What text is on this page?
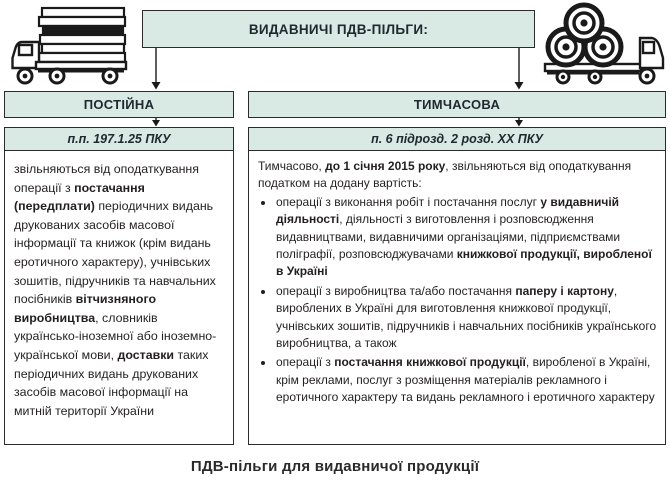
ВИДАВНИЧІ ПДВ-ПІЛЬГИ:
ПОСТІЙНА	ТИМЧАСОВА
п.п. 197.1.25 ПКУ
звільняються від оподаткування операції з постачання (передплати) періодичних видань друкованих засобів масової інформації та книжок (крім видань еротичного характеру), учнівських зошитів, підручників та навчальних посібників вітчизняного виробництва, словників українсько-іноземної або іноземно-української мови, доставки таких періодичних видань друкованих засобів масової інформації на митній території України
п. 6 підрозд. 2 розд. ХХ ПКУ
Тимчасово, до 1 січня 2015 року, звільняються від оподаткування податком на додану вартість:
• операції з виконання робіт і постачання послуг у видавничій діяльності, діяльності з виготовлення і розповсюдження видавництвами, видавничими організаціями, підприємствами поліграфії, розповсюджувачами книжкової продукції, виробленої в Україні
• операції з виробництва та/або постачання паперу і картону, вироблених в Україні для виготовлення книжкової продукції, учнівських зошитів, підручників і навчальних посібників українського виробництва, а також
• операції з постачання книжкової продукції, виробленої в Україні, крім реклами, послуг з розміщення матеріалів рекламного і еротичного характеру та видань рекламного і еротичного характеру
ПДВ-пільги для видавничої продукції
